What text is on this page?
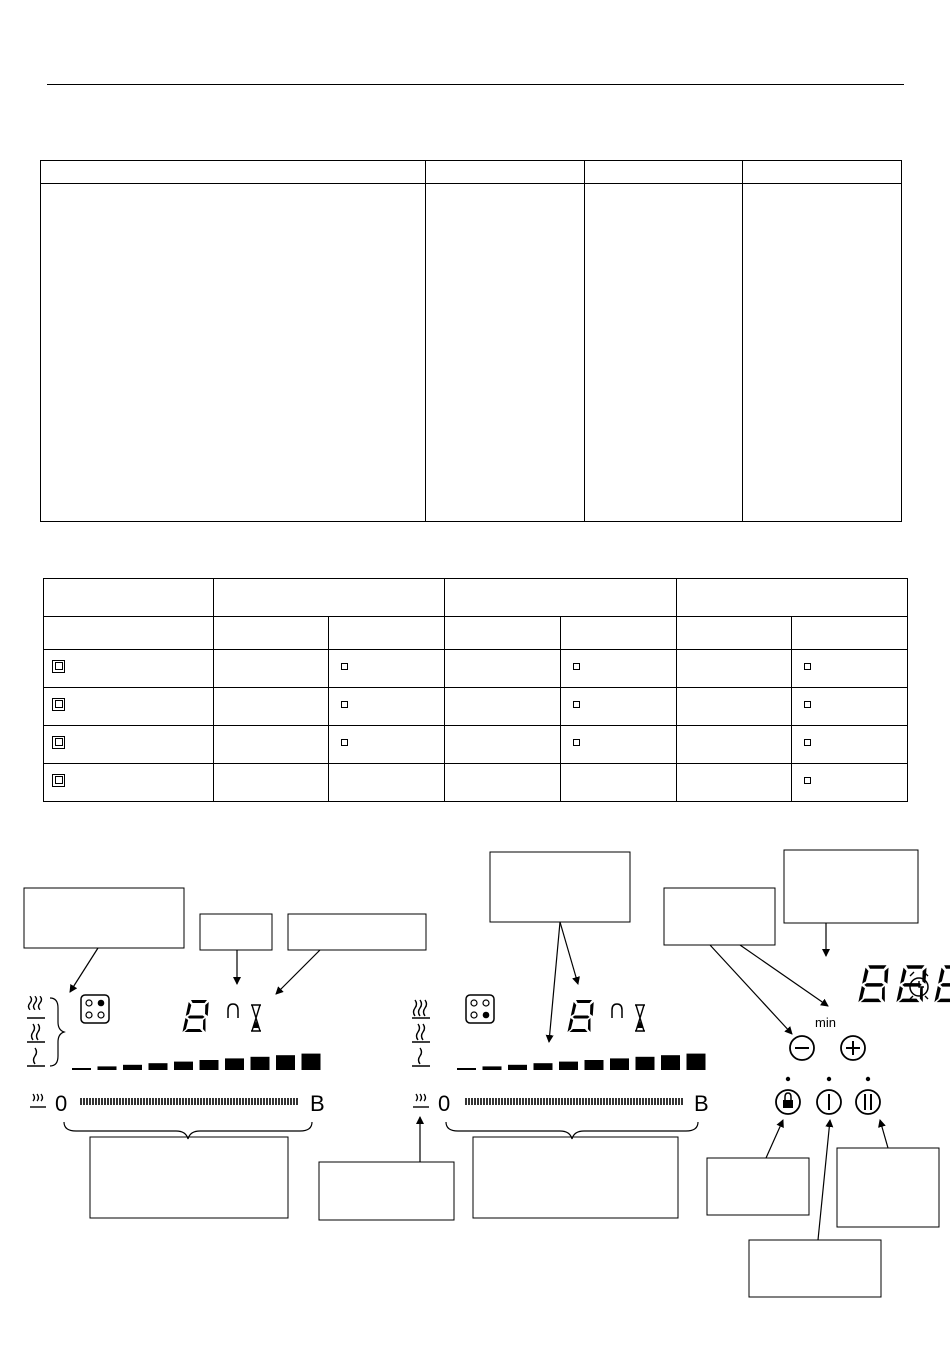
0	B	0	B
min
